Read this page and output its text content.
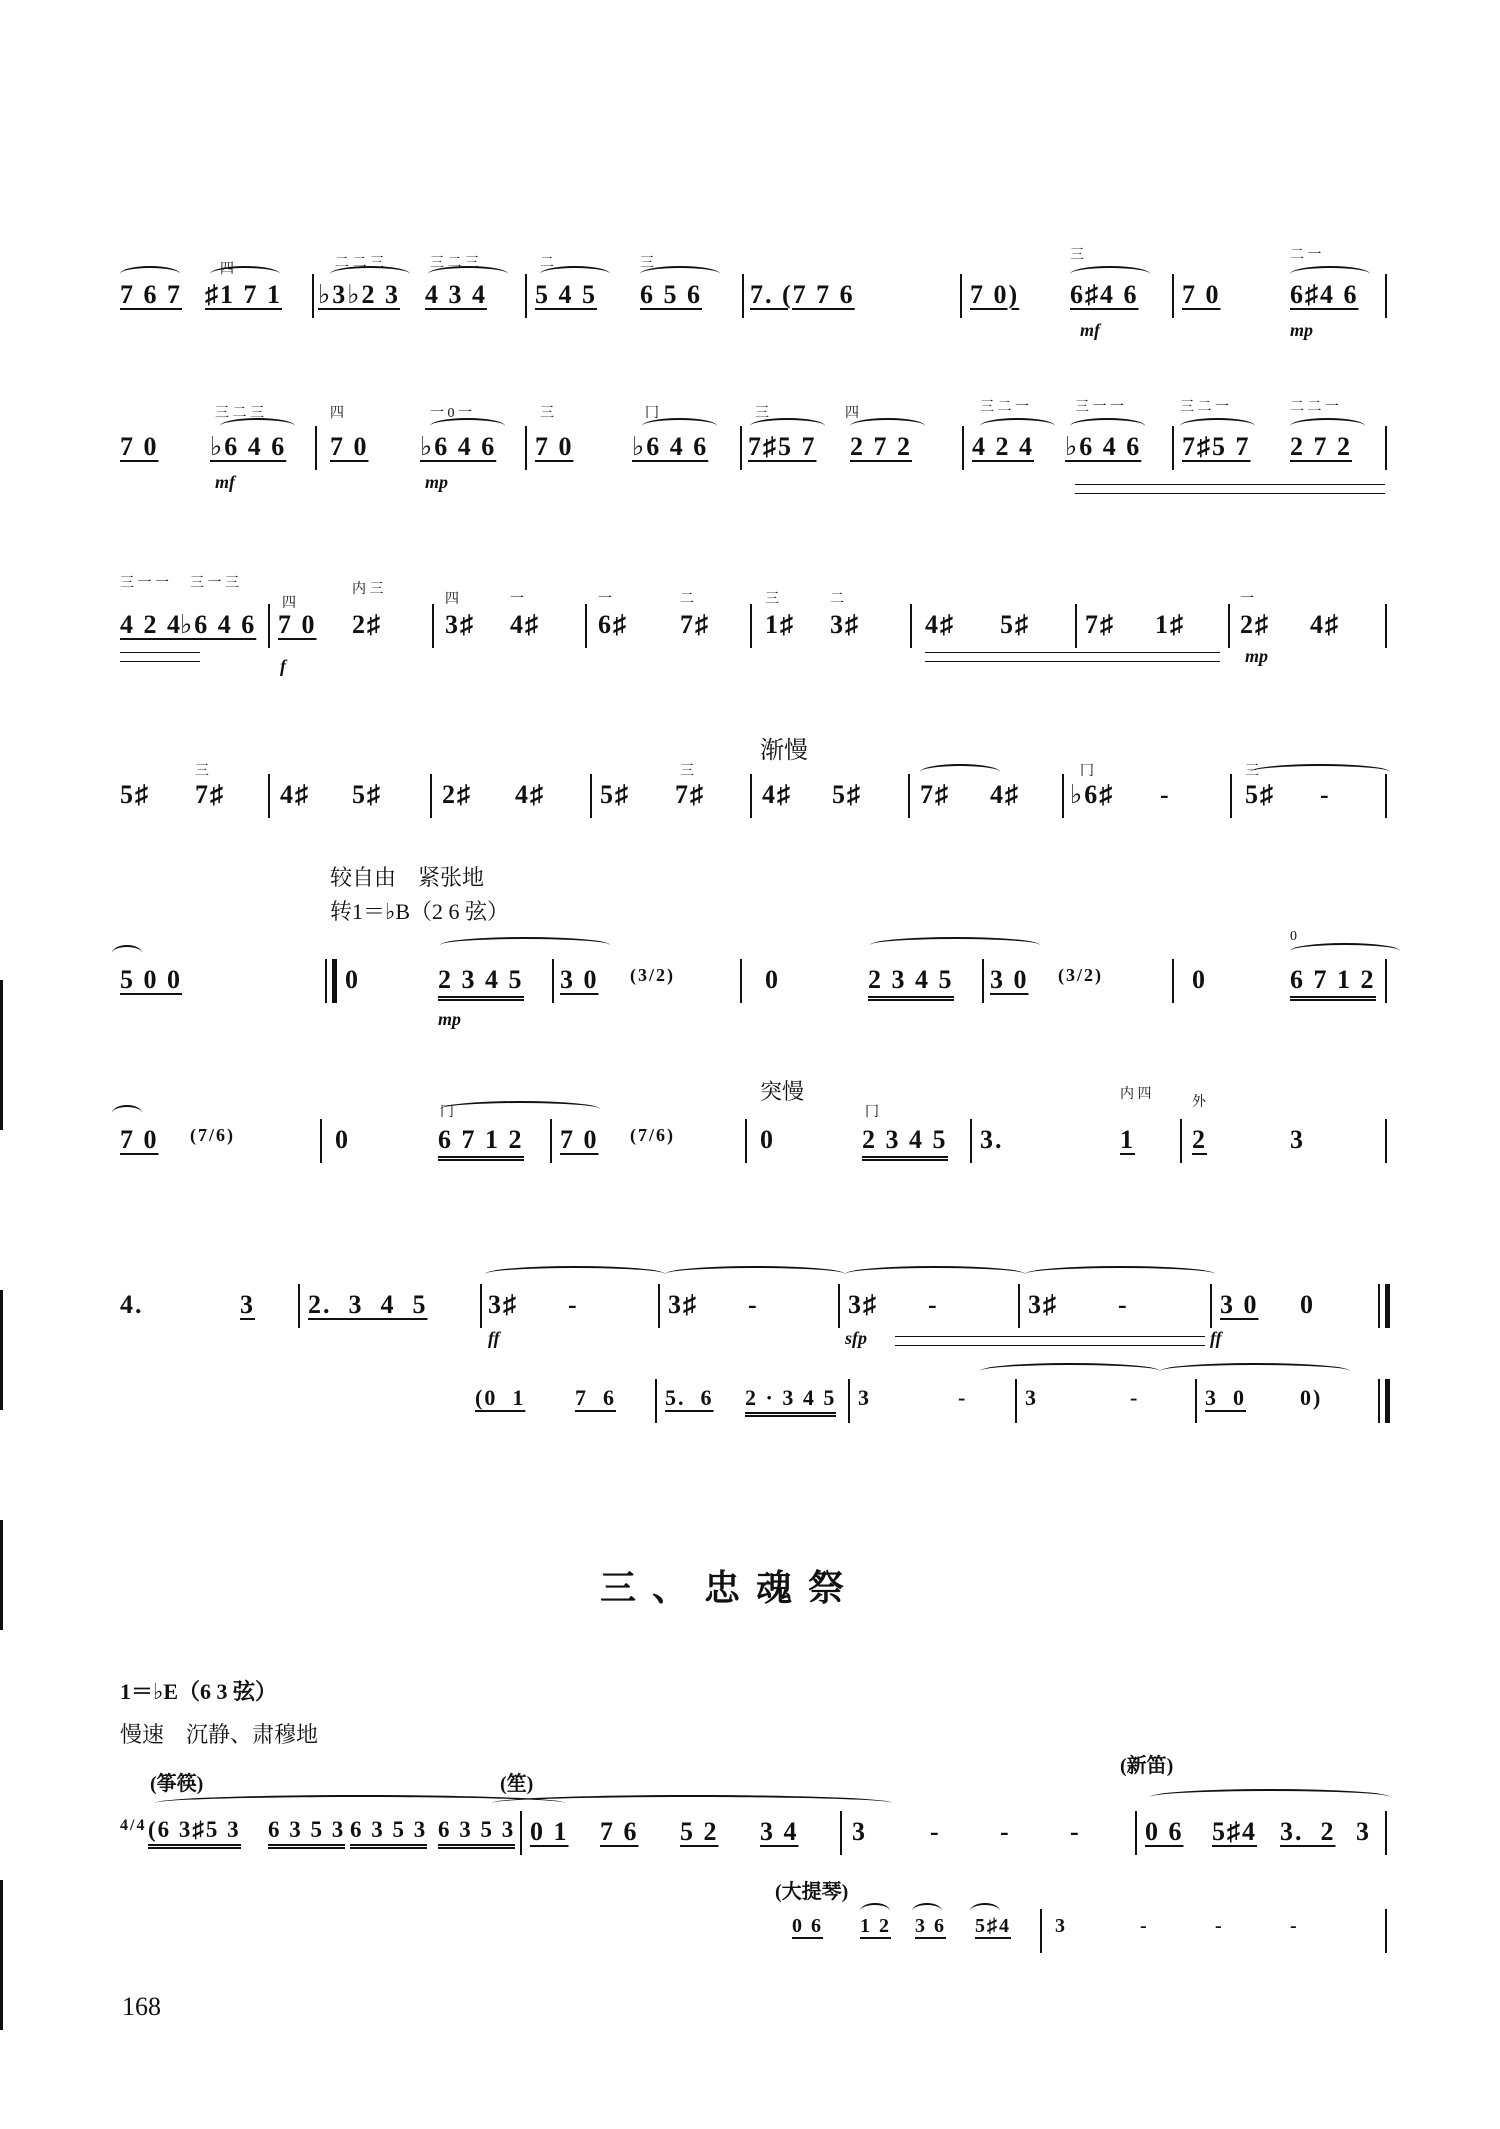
四	二 二 三	三 二 三	二	三
三	二 一
7 6 7 ♯1 7 1 ♭3♭2 3 4 3 4 5 4 5 6 5 6 7. (7 7 6	7 0) 6♯4 6 7 0	6♯4 6
mf	mp
三 二 三	四	一 0 一	三	冂	三	四	三 二 一	三 一 一	三 二 一	二 二 一
7 0 ♭6 4 6 7 0 ♭6 4 6 7 0 ♭6 4 6 7♯5 7 2 7 2 4 2 4 ♭6 4 6 7♯5 7 2 7 2
mf	mp
三 一 一 三 一 三
四
内 三
四	一	一	二	三	二	一
4 2 4
♭6 4 6 7 0 2♯ 3♯ 4♯ 6♯ 7♯ 1♯ 3♯	4♯ 5♯ 7♯ 1♯ 2♯ 4♯
f	mp
渐慢
三	三	冂	三
5♯ 7♯ 4♯ 5♯ 2♯ 4♯ 5♯ 7♯ 4♯ 5♯ 7♯ 4♯ ♭6♯ -	5♯ -
较自由　紧张地
转1＝♭B（2 6 弦）
0
5 0 0	0	2 3 4 5 3 0 (3/2)	0	2 3 4 5 3 0 (3/2)	0	6 7 1 2
mp
突慢
冂	冂
内 四
外
7 0 (7/6)	0	6 7 1 2 7 0 (7/6)	0	2 3 4 5 3.	1 2	3
4.	3 2.  3  4  5 3♯ -	3♯ -	3♯ -	3♯ -	3 0 0
ff	sfp	ff
(0  1 7  6 5.  6 2 · 3 4 5 3	-	3	-	3  0 0)
三、忠魂祭
1＝♭E（6 3 弦）
慢速　沉静、肃穆地
(筝筷)	(笙)
(新笛)
4/4 (6 3♯5 3 6 3 5 3 6 3 5 3 6 3 5 3 0 1 7 6 5 2 3 4 3 - - - 0 6 5♯4 3.  2 3
(大提琴)
0 6 1 2 3 6 5♯4 3	-	-	-
168
